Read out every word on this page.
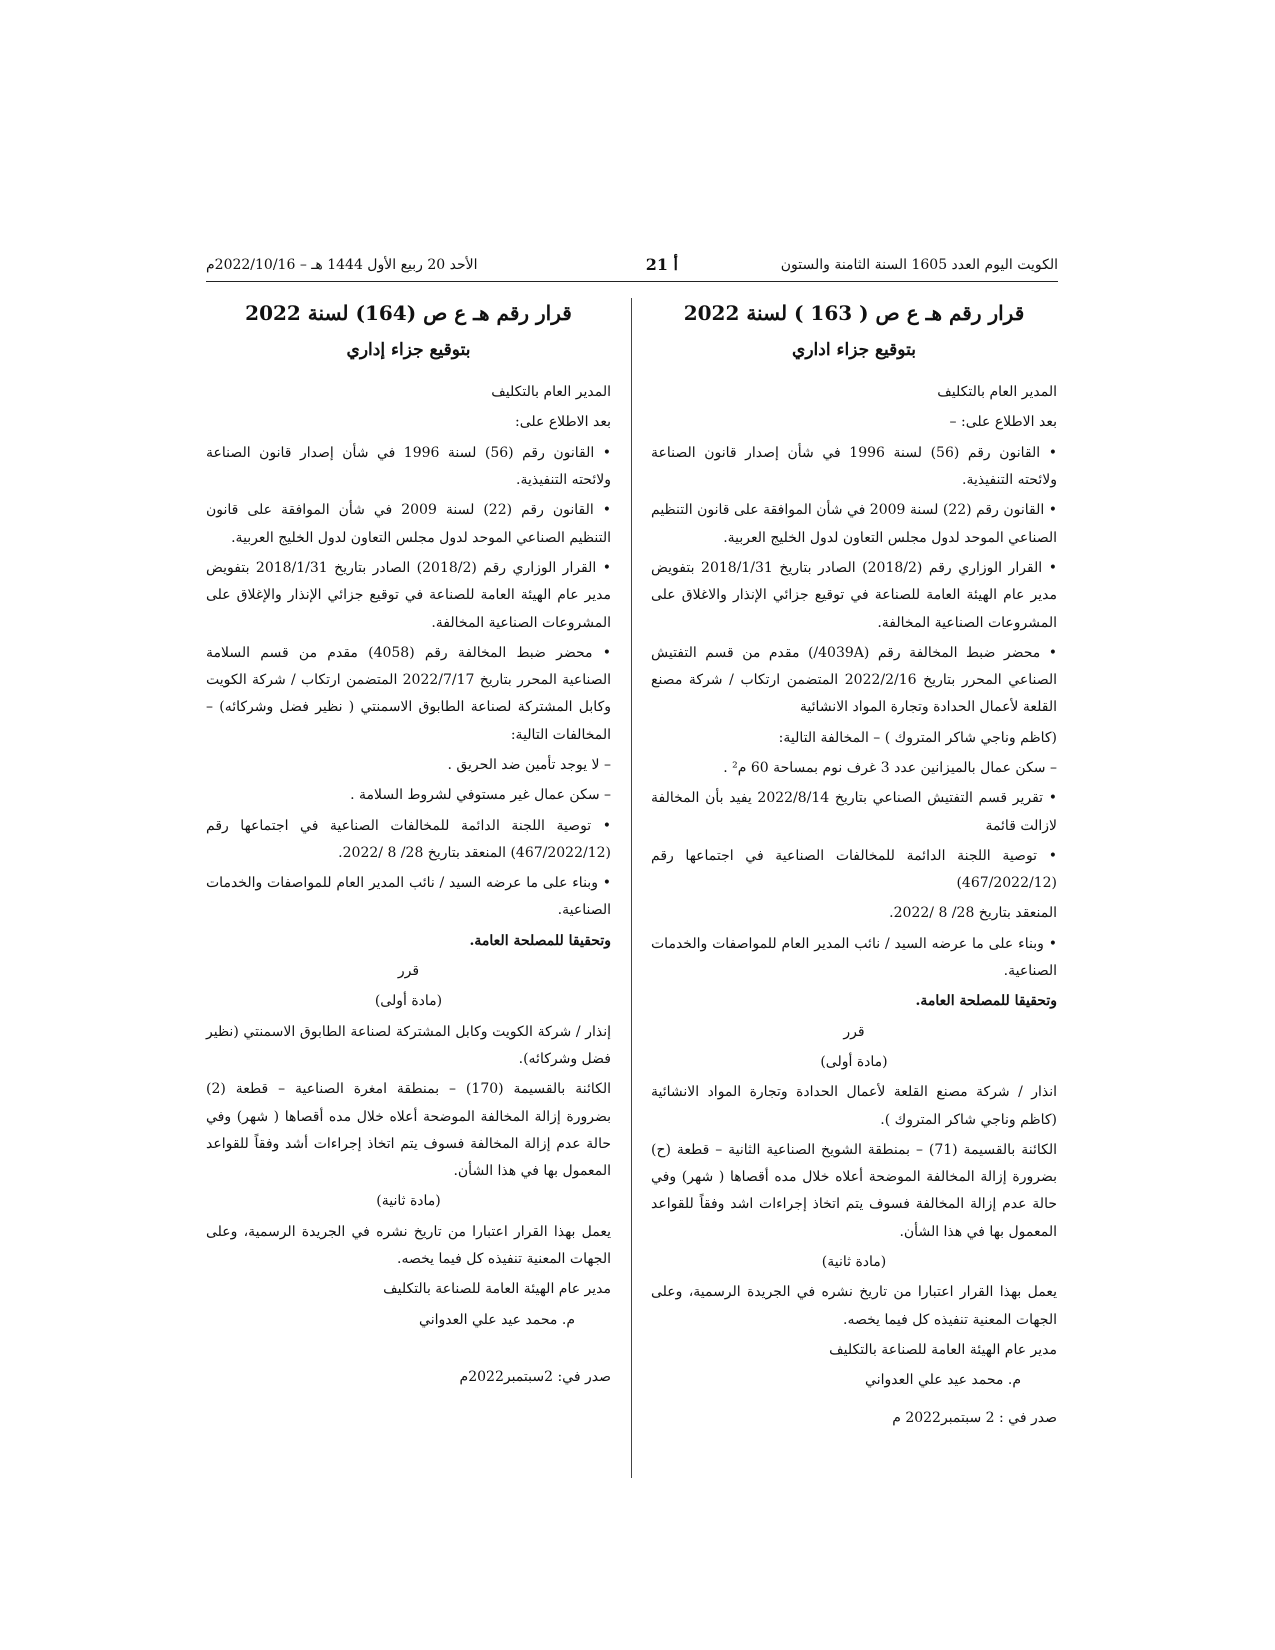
الكويت اليوم العدد 1605 السنة الثامنة والستون
أ 21
الأحد 20 ربيع الأول 1444 هـ – 2022/10/16م
قرار رقم هـ ع ص ( 163 ) لسنة 2022
بتوقيع جزاء اداري
المدير العام بالتكليف
بعد الاطلاع على: –
• القانون رقم (56) لسنة 1996 في شأن إصدار قانون الصناعة ولائحته التنفيذية.
• القانون رقم (22) لسنة 2009 في شأن الموافقة على قانون التنظيم الصناعي الموحد لدول مجلس التعاون لدول الخليج العربية.
• القرار الوزاري رقم (2018/2) الصادر بتاريخ 2018/1/31 بتفويض مدير عام الهيئة العامة للصناعة في توقيع جزائي الإنذار والاغلاق على المشروعات الصناعية المخالفة.
• محضر ضبط المخالفة رقم (4039A/) مقدم من قسم التفتيش الصناعي المحرر بتاريخ 2022/2/16 المتضمن ارتكاب / شركة مصنع القلعة لأعمال الحدادة وتجارة المواد الانشائية
(كاظم وناجي شاكر المتروك ) – المخالفة التالية:
– سكن عمال بالميزانين عدد 3 غرف نوم بمساحة 60 م² .
• تقرير قسم التفتيش الصناعي بتاريخ 2022/8/14 يفيد بأن المخالفة لازالت قائمة
• توصية اللجنة الدائمة للمخالفات الصناعية في اجتماعها رقم (467/2022/12)
المنعقد بتاريخ 28/ 8 /2022.
• وبناء على ما عرضه السيد / نائب المدير العام للمواصفات والخدمات الصناعية.
وتحقيقا للمصلحة العامة.
قرر
(مادة أولى)
انذار / شركة مصنع القلعة لأعمال الحدادة وتجارة المواد الانشائية (كاظم وناجي شاكر المتروك ).
الكائنة بالقسيمة (71) – بمنطقة الشويخ الصناعية الثانية – قطعة (ح) بضرورة إزالة المخالفة الموضحة أعلاه خلال مده أقصاها ( شهر) وفي حالة عدم إزالة المخالفة فسوف يتم اتخاذ إجراءات اشد وفقاً للقواعد المعمول بها في هذا الشأن.
(مادة ثانية)
يعمل بهذا القرار اعتبارا من تاريخ نشره في الجريدة الرسمية، وعلى الجهات المعنية تنفيذه كل فيما يخصه.
مدير عام الهيئة العامة للصناعة بالتكليف
م. محمد عيد علي العدواني
صدر في : 2 سبتمبر2022 م
قرار رقم هـ ع ص (164) لسنة 2022
بتوقيع جزاء إداري
المدير العام بالتكليف
بعد الاطلاع على:
• القانون رقم (56) لسنة 1996 في شأن إصدار قانون الصناعة ولائحته التنفيذية.
• القانون رقم (22) لسنة 2009 في شأن الموافقة على قانون التنظيم الصناعي الموحد لدول مجلس التعاون لدول الخليج العربية.
• القرار الوزاري رقم (2018/2) الصادر بتاريخ 2018/1/31 بتفويض مدير عام الهيئة العامة للصناعة في توقيع جزائي الإنذار والإغلاق على المشروعات الصناعية المخالفة.
• محضر ضبط المخالفة رقم (4058) مقدم من قسم السلامة الصناعية المحرر بتاريخ 2022/7/17 المتضمن ارتكاب / شركة الكويت وكابل المشتركة لصناعة الطابوق الاسمنتي ( نظير فضل وشركائه) – المخالفات التالية:
– لا يوجد تأمين ضد الحريق .
– سكن عمال غير مستوفي لشروط السلامة .
• توصية اللجنة الدائمة للمخالفات الصناعية في اجتماعها رقم (467/2022/12) المنعقد بتاريخ 28/ 8 /2022.
• وبناء على ما عرضه السيد / نائب المدير العام للمواصفات والخدمات الصناعية.
وتحقيقا للمصلحة العامة.
قرر
(مادة أولى)
إنذار / شركة الكويت وكابل المشتركة لصناعة الطابوق الاسمنتي (نظير فضل وشركائه).
الكائنة بالقسيمة (170) – بمنطقة امغرة الصناعية – قطعة (2) بضرورة إزالة المخالفة الموضحة أعلاه خلال مده أقصاها ( شهر) وفي حالة عدم إزالة المخالفة فسوف يتم اتخاذ إجراءات أشد وفقاً للقواعد المعمول بها في هذا الشأن.
(مادة ثانية)
يعمل بهذا القرار اعتبارا من تاريخ نشره في الجريدة الرسمية، وعلى الجهات المعنية تنفيذه كل فيما يخصه.
مدير عام الهيئة العامة للصناعة بالتكليف
م. محمد عيد علي العدواني
صدر في: 2سبتمبر2022م
